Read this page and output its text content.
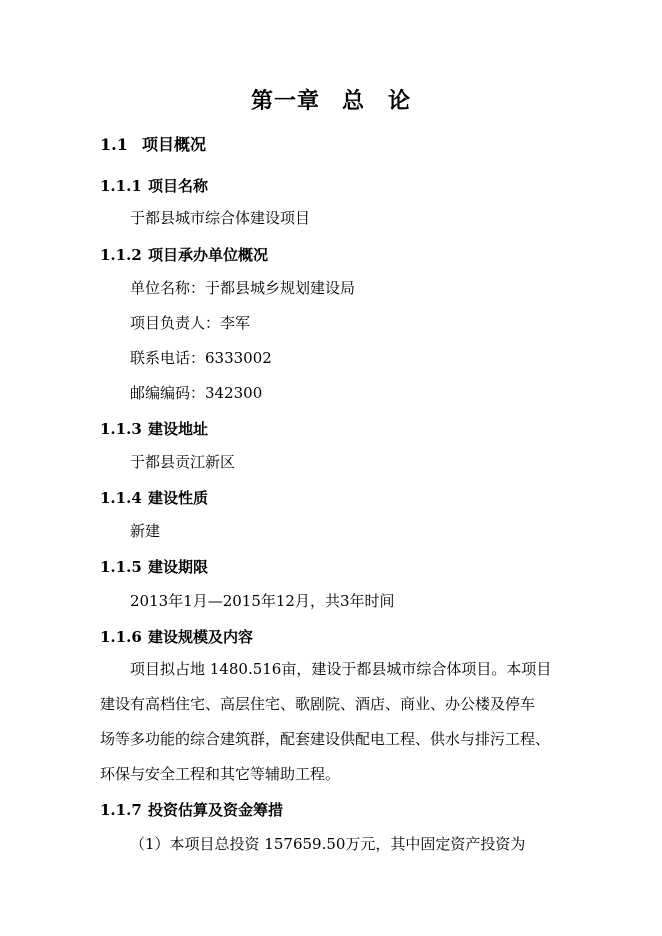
第一章 总　论
1.1 项目概况
1.1.1 项目名称
于都县城市综合体建设项目
1.1.2 项目承办单位概况
单位名称：于都县城乡规划建设局
项目负责人：李军
联系电话：6333002
邮编编码：342300
1.1.3 建设地址
于都县贡江新区
1.1.4 建设性质
新建
1.1.5 建设期限
2013年1月—2015年12月，共3年时间
1.1.6 建设规模及内容
项目拟占地 1480.516亩，建设于都县城市综合体项目。本项目
建设有高档住宅、高层住宅、歌剧院、酒店、商业、办公楼及停车
场等多功能的综合建筑群，配套建设供配电工程、供水与排污工程、
环保与安全工程和其它等辅助工程。
1.1.7 投资估算及资金筹措
（1）本项目总投资 157659.50万元，其中固定资产投资为
